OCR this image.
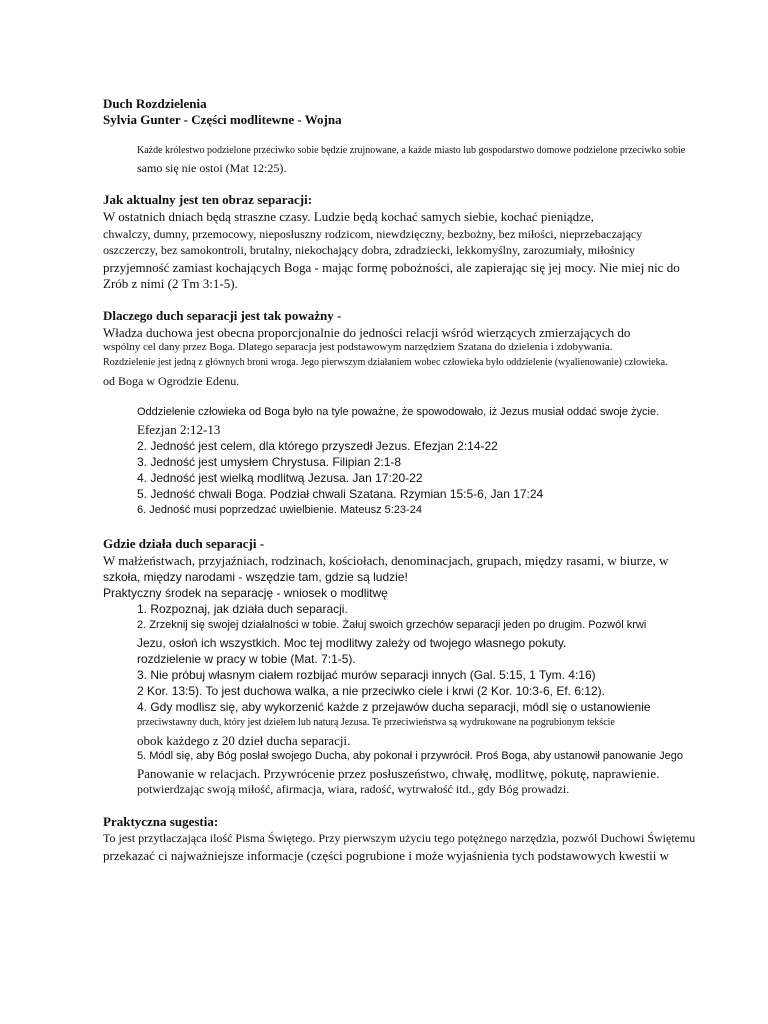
Duch Rozdzielenia
Sylvia Gunter - Części modlitewne - Wojna
Każde królestwo podzielone przeciwko sobie będzie zrujnowane, a każde miasto lub gospodarstwo domowe podzielone przeciwko sobie
samo się nie ostoi (Mat 12:25).
Jak aktualny jest ten obraz separacji:
W ostatnich dniach będą straszne czasy. Ludzie będą kochać samych siebie, kochać pieniądze,
chwalczy, dumny, przemocowy, nieposłuszny rodzicom, niewdzięczny, bezbożny, bez miłości, nieprzebaczający
oszczerczy, bez samokontroli, brutalny, niekochający dobra, zdradziecki, lekkomyślny, zarozumiały, miłośnicy
przyjemność zamiast kochających Boga - mając formę pobożności, ale zapierając się jej mocy. Nie miej nic do
Zrób z nimi (2 Tm 3:1-5).
Dlaczego duch separacji jest tak poważny -
Władza duchowa jest obecna proporcjonalnie do jedności relacji wśród wierzących zmierzających do
wspólny cel dany przez Boga. Dlatego separacja jest podstawowym narzędziem Szatana do dzielenia i zdobywania.
Rozdzielenie jest jedną z głównych broni wroga. Jego pierwszym działaniem wobec człowieka było oddzielenie (wyalienowanie) człowieka.
od Boga w Ogrodzie Edenu.
Oddzielenie człowieka od Boga było na tyle poważne, że spowodowało, iż Jezus musiał oddać swoje życie.
Efezjan 2:12-13
2. Jedność jest celem, dla którego przyszedł Jezus. Efezjan 2:14-22
3. Jedność jest umysłem Chrystusa. Filipian 2:1-8
4. Jedność jest wielką modlitwą Jezusa. Jan 17:20-22
5. Jedność chwali Boga. Podział chwali Szatana. Rzymian 15:5-6, Jan 17:24
6. Jedność musi poprzedzać uwielbienie. Mateusz 5:23-24
Gdzie działa duch separacji -
W małżeństwach, przyjaźniach, rodzinach, kościołach, denominacjach, grupach, między rasami, w biurze, w
szkoła, między narodami - wszędzie tam, gdzie są ludzie!
Praktyczny środek na separację - wniosek o modlitwę
1. Rozpoznaj, jak działa duch separacji.
2. Zrzeknij się swojej działalności w tobie. Żałuj swoich grzechów separacji jeden po drugim. Pozwól krwi
Jezu, osłoń ich wszystkich. Moc tej modlitwy zależy od twojego własnego pokuty.
rozdzielenie w pracy w tobie (Mat. 7:1-5).
3. Nie próbuj własnym ciałem rozbijać murów separacji innych (Gal. 5:15, 1 Tym. 4:16)
2 Kor. 13:5). To jest duchowa walka, a nie przeciwko ciele i krwi (2 Kor. 10:3-6, Ef. 6:12).
4. Gdy modlisz się, aby wykorzenić każde z przejawów ducha separacji, módl się o ustanowienie
przeciwstawny duch, który jest dziełem lub naturą Jezusa. Te przeciwieństwa są wydrukowane na pogrubionym tekście
obok każdego z 20 dzieł ducha separacji.
5. Módl się, aby Bóg posłał swojego Ducha, aby pokonał i przywrócił. Proś Boga, aby ustanowił panowanie Jego
Panowanie w relacjach. Przywrócenie przez posłuszeństwo, chwałę, modlitwę, pokutę, naprawienie.
potwierdzając swoją miłość, afirmacja, wiara, radość, wytrwałość itd., gdy Bóg prowadzi.
Praktyczna sugestia:
To jest przytłaczająca ilość Pisma Świętego. Przy pierwszym użyciu tego potężnego narzędzia, pozwól Duchowi Świętemu
przekazać ci najważniejsze informacje (części pogrubione i może wyjaśnienia tych podstawowych kwestii w
